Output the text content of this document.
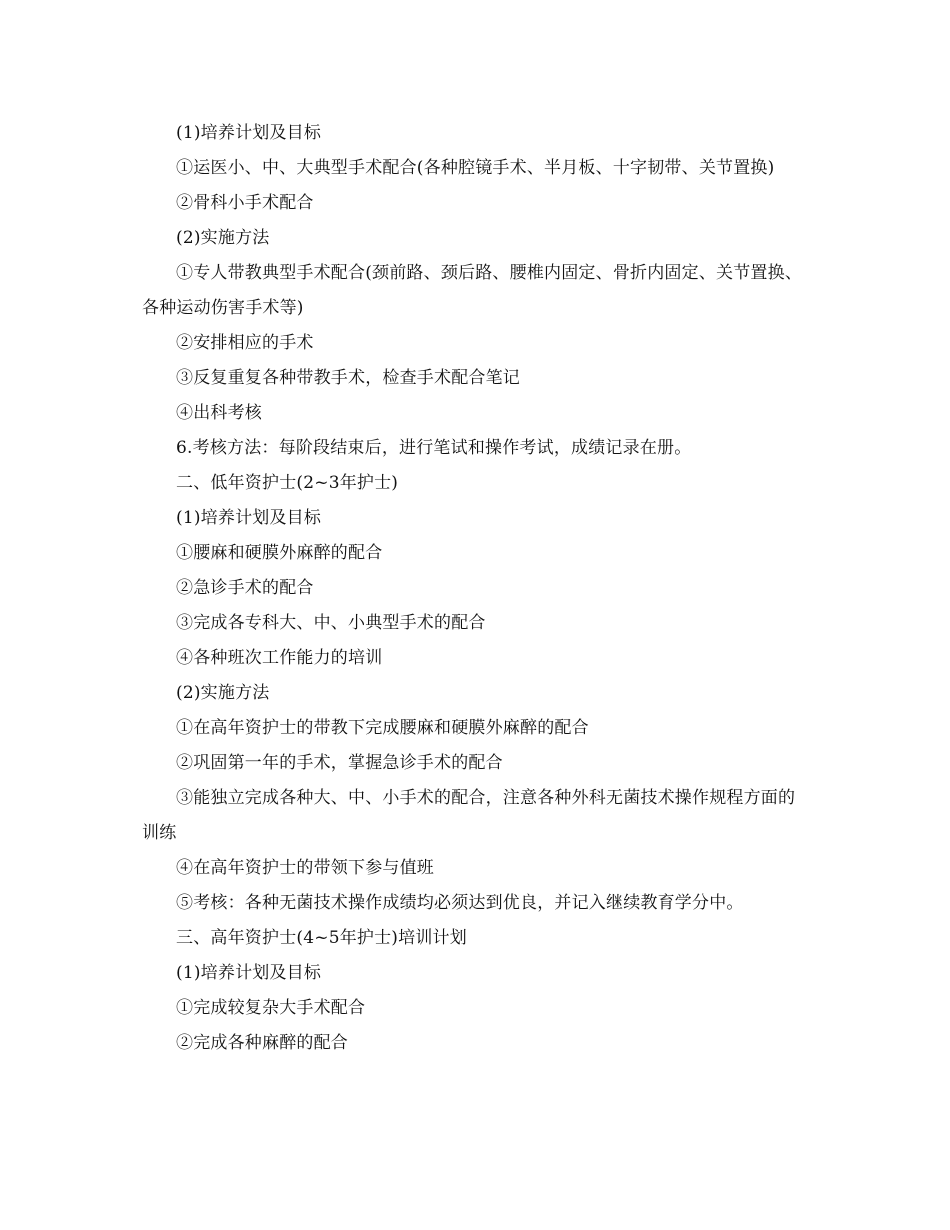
(1)培养计划及目标

①运医小、中、大典型手术配合(各种腔镜手术、半月板、十字韧带、关节置换)

②骨科小手术配合

(2)实施方法

①专人带教典型手术配合(颈前路、颈后路、腰椎内固定、骨折内固定、关节置换、各种运动伤害手术等)

②安排相应的手术

③反复重复各种带教手术，检查手术配合笔记

④出科考核

6.考核方法：每阶段结束后，进行笔试和操作考试，成绩记录在册。

二、低年资护士(2~3年护士)

(1)培养计划及目标

①腰麻和硬膜外麻醉的配合

②急诊手术的配合

③完成各专科大、中、小典型手术的配合

④各种班次工作能力的培训

(2)实施方法

①在高年资护士的带教下完成腰麻和硬膜外麻醉的配合

②巩固第一年的手术，掌握急诊手术的配合

③能独立完成各种大、中、小手术的配合，注意各种外科无菌技术操作规程方面的训练

④在高年资护士的带领下参与值班

⑤考核：各种无菌技术操作成绩均必须达到优良，并记入继续教育学分中。

三、高年资护士(4~5年护士)培训计划

(1)培养计划及目标

①完成较复杂大手术配合

②完成各种麻醉的配合
